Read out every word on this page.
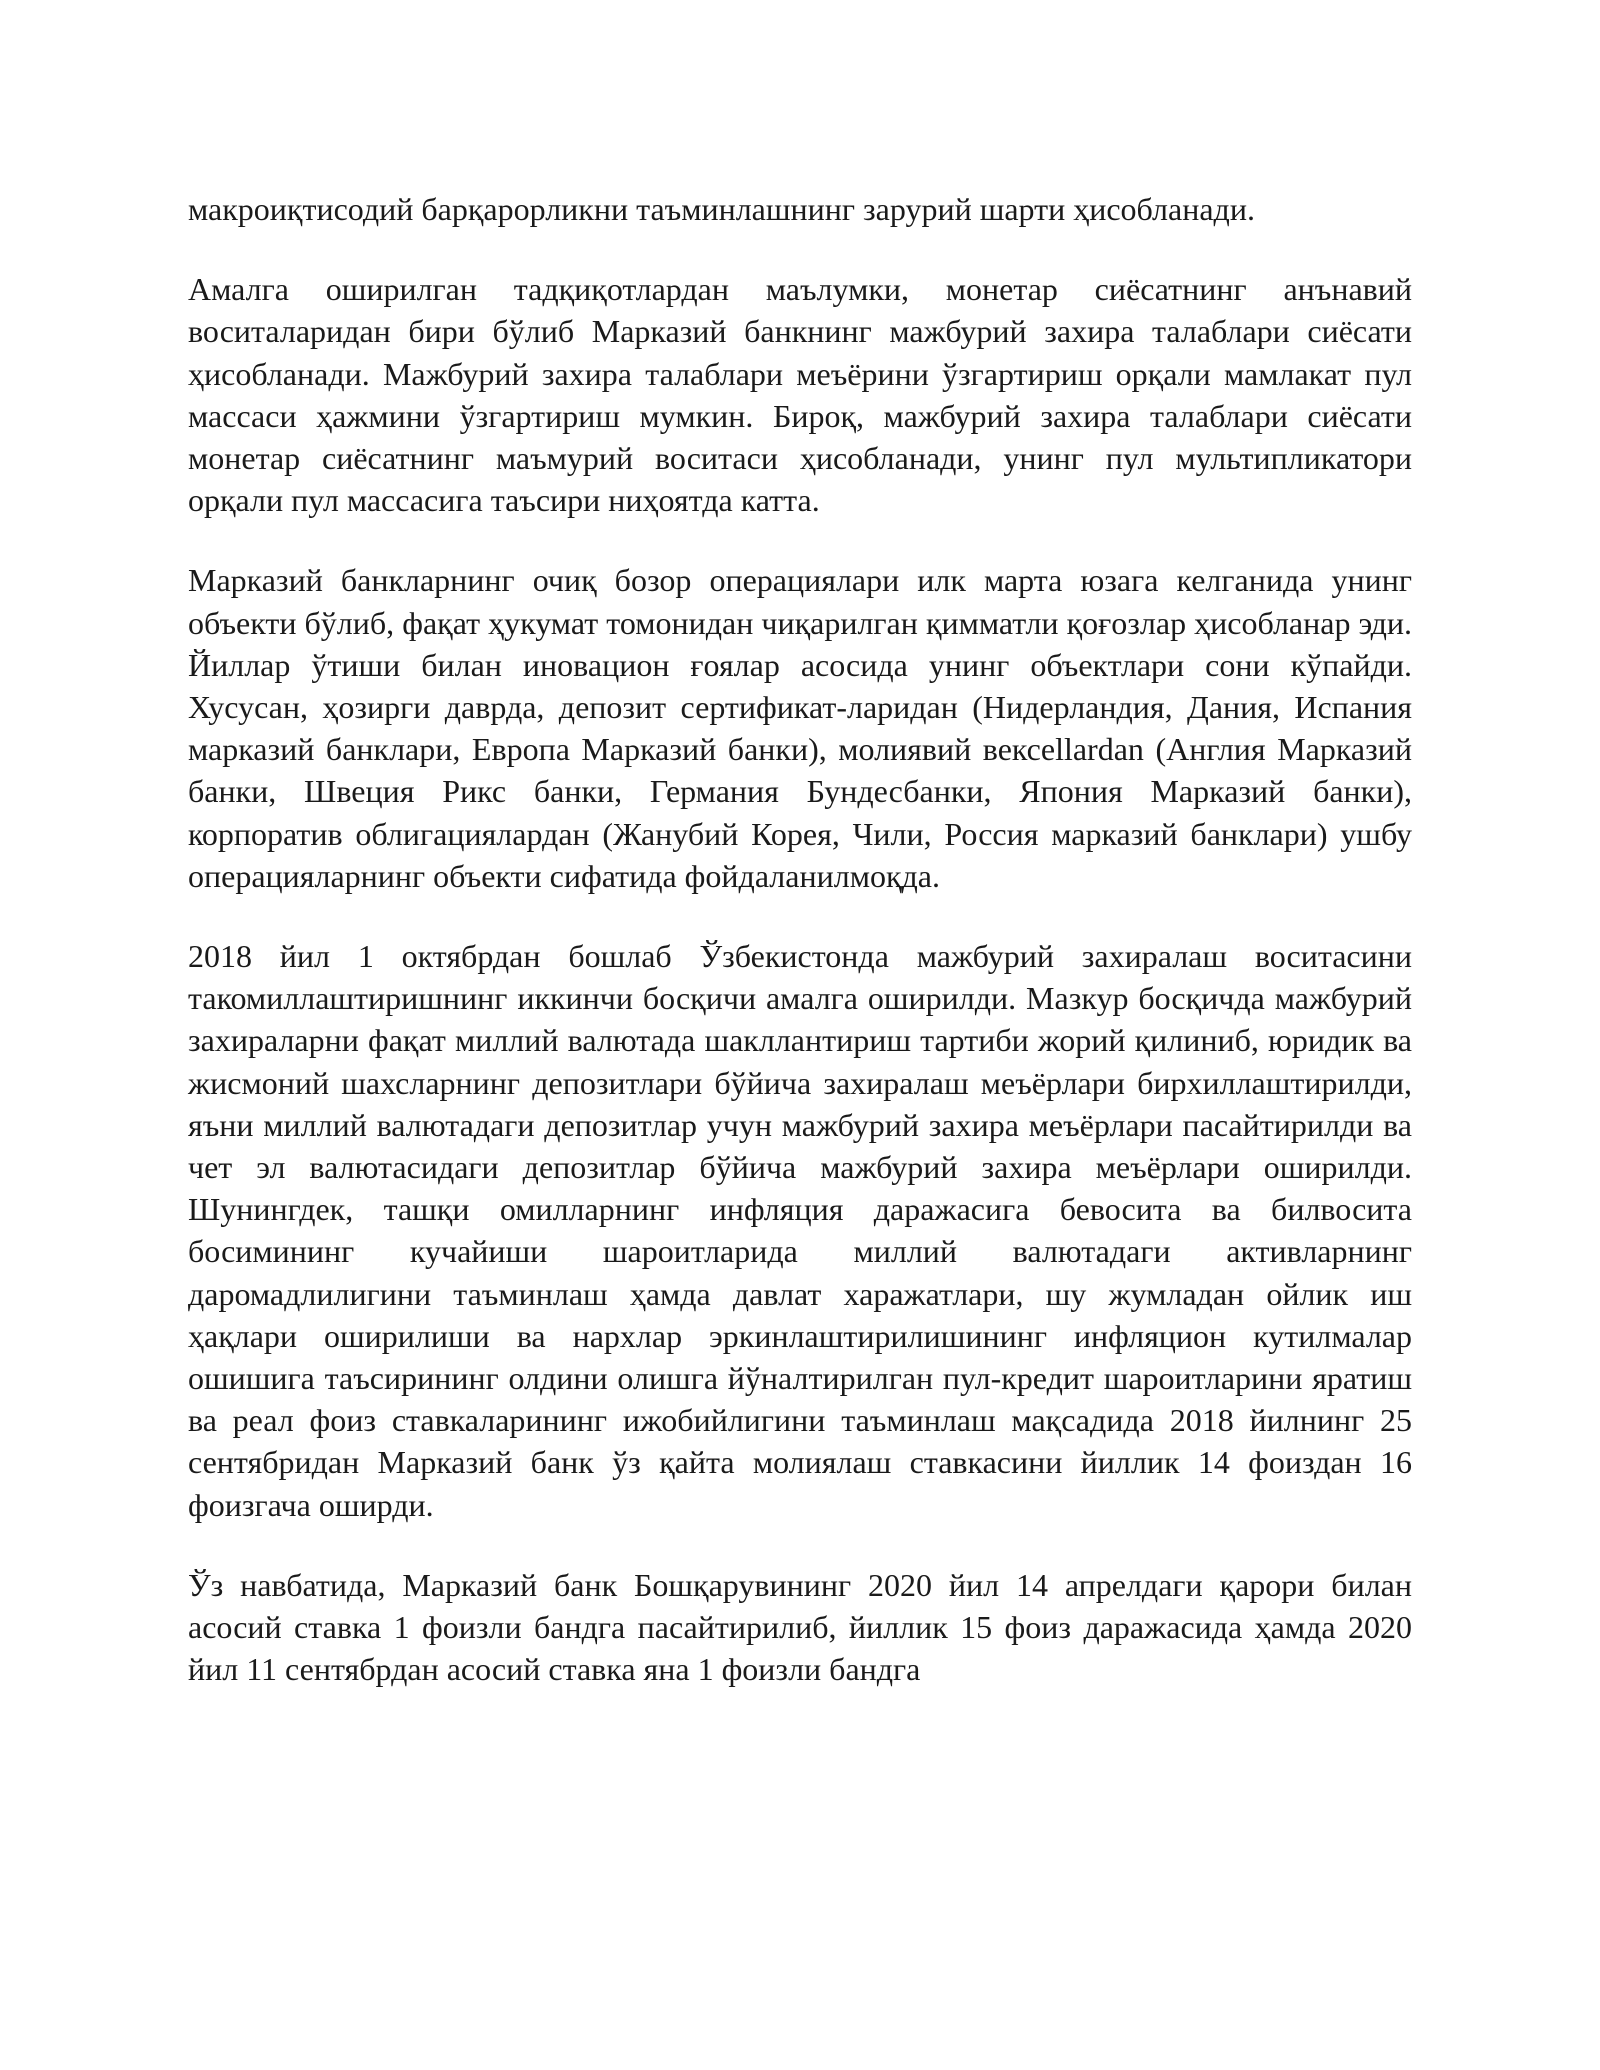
макроиқтисодий барқарорликни таъминлашнинг зарурий шарти ҳисобланади.

Амалга оширилган тадқиқотлардан маълумки, монетар сиёсатнинг анънавий воситаларидан бири бўлиб Марказий банкнинг мажбурий захира талаблари сиёсати ҳисобланади. Мажбурий захира талаблари меъёрини ўзгартириш орқали мамлакат пул массаси ҳажмини ўзгартириш мумкин. Бироқ, мажбурий захира талаблари сиёсати монетар сиёсатнинг маъмурий воситаси ҳисобланади, унинг пул мультипликатори орқали пул массасига таъсири ниҳоятда катта.

Марказий банкларнинг очиқ бозор операциялари илк марта юзага келганида унинг объекти бўлиб, фақат ҳукумат томонидан чиқарилган қимматли қоғозлар ҳисобланар эди. Йиллар ўтиши билан иновацион ғоялар асосида унинг объектлари сони кўпайди. Хусусан, ҳозирги даврда, депозит сертификат-ларидан (Нидерландия, Дания, Испания марказий банклари, Европа Марказий банки), молиявий вексellardan (Англия Марказий банки, Швеция Рикс банки, Германия Бундесбанки, Япония Марказий банки), корпоратив облигациялардан (Жанубий Корея, Чили, Россия марказий банклари) ушбу операцияларнинг объекти сифатида фойдаланилмоқда.

2018 йил 1 октябрдан бошлаб Ўзбекистонда мажбурий захиралаш воситасини такомиллаштиришнинг иккинчи босқичи амалга оширилди. Мазкур босқичда мажбурий захираларни фақат миллий валютада шакллантириш тартиби жорий қилиниб, юридик ва жисмоний шахсларнинг депозитлари бўйича захиралаш меъёрлари бирхиллаштирилди, яъни миллий валютадаги депозитлар учун мажбурий захира меъёрлари пасайтирилди ва чет эл валютасидаги депозитлар бўйича мажбурий захира меъёрлари оширилди. Шунингдек, ташқи омилларнинг инфляция даражасига бевосита ва билвосита босимининг кучайиши шароитларида миллий валютадаги активларнинг даромадлилигини таъминлаш ҳамда давлат харажатлари, шу жумладан ойлик иш ҳақлари оширилиши ва нархлар эркинлаштирилишининг инфляцион кутилмалар ошишига таъсирининг олдини олишга йўналтирилган пул-кредит шароитларини яратиш ва реал фоиз ставкаларининг ижобийлигини таъминлаш мақсадида 2018 йилнинг 25 сентябридан Марказий банк ўз қайта молиялаш ставкасини йиллик 14 фоиздан 16 фоизгача оширди.

Ўз навбатида, Марказий банк Бошқарувининг 2020 йил 14 апрелдаги қарори билан асосий ставка 1 фоизли бандга пасайтирилиб, йиллик 15 фоиз даражасида ҳамда 2020 йил 11 сентябрдан асосий ставка яна 1 фоизли бандга
